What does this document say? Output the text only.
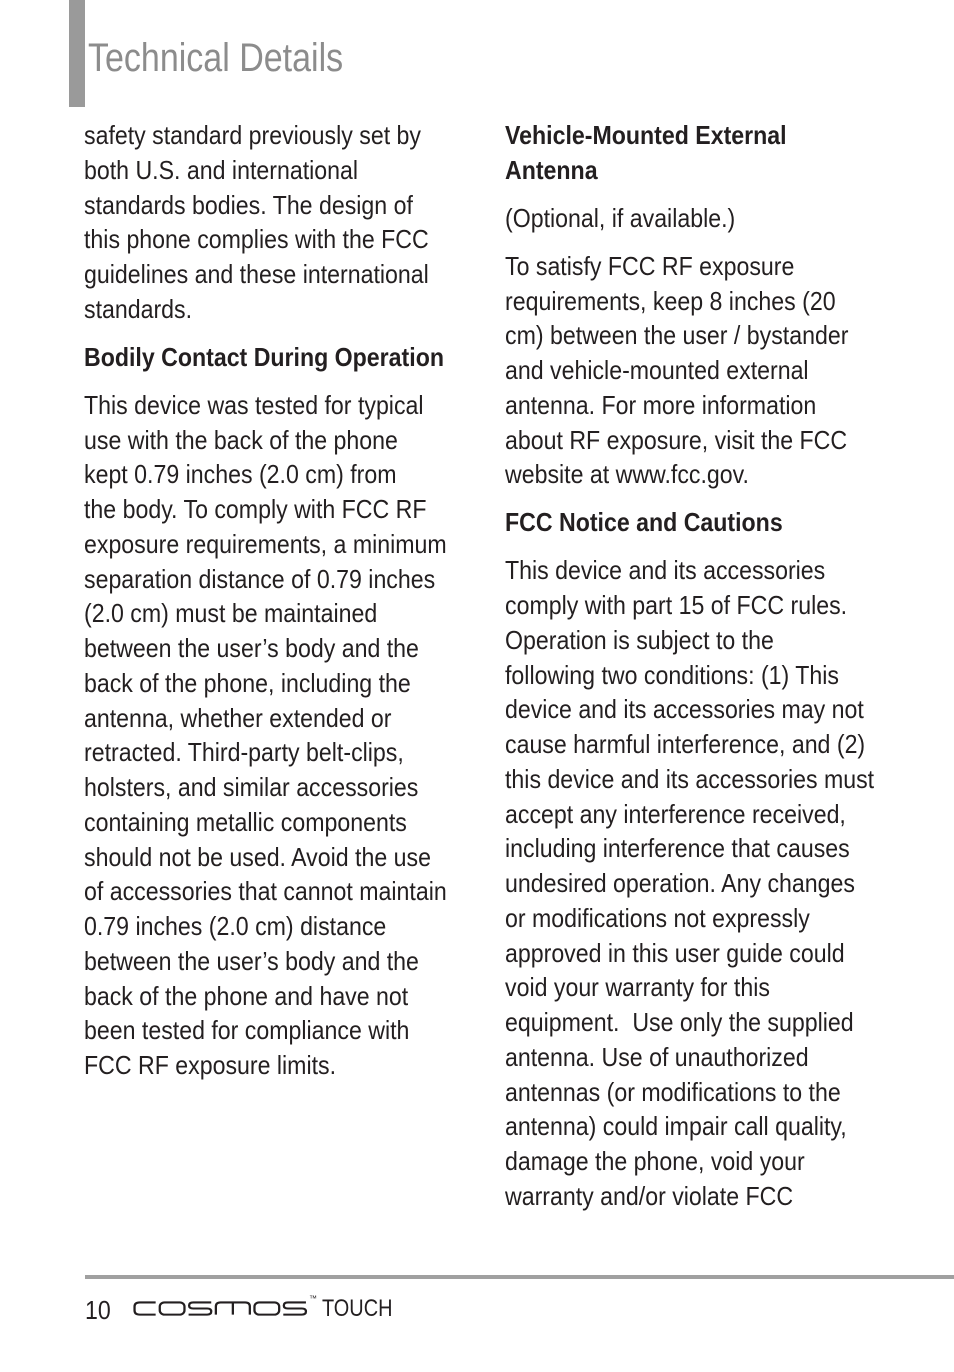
Technical Details
safety standard previously set by
both U.S. and international
standards bodies. The design of
this phone complies with the FCC
guidelines and these international
standards.
Bodily Contact During Operation
This device was tested for typical
use with the back of the phone
kept 0.79 inches (2.0 cm) from
the body. To comply with FCC RF
exposure requirements, a minimum
separation distance of 0.79 inches
(2.0 cm) must be maintained
between the user’s body and the
back of the phone, including the
antenna, whether extended or
retracted. Third-party belt-clips,
holsters, and similar accessories
containing metallic components
should not be used. Avoid the use
of accessories that cannot maintain
0.79 inches (2.0 cm) distance
between the user’s body and the
back of the phone and have not
been tested for compliance with
FCC RF exposure limits.
Vehicle-Mounted External
Antenna
(Optional, if available.)
To satisfy FCC RF exposure
requirements, keep 8 inches (20
cm) between the user / bystander
and vehicle-mounted external
antenna. For more information
about RF exposure, visit the FCC
website at www.fcc.gov.
FCC Notice and Cautions
This device and its accessories
comply with part 15 of FCC rules.
Operation is subject to the
following two conditions: (1) This
device and its accessories may not
cause harmful interference, and (2)
this device and its accessories must
accept any interference received,
including interference that causes
undesired operation. Any changes
or modifications not expressly
approved in this user guide could
void your warranty for this
equipment.  Use only the supplied
antenna. Use of unauthorized
antennas (or modifications to the
antenna) could impair call quality,
damage the phone, void your
warranty and/or violate FCC
10	™ TOUCH
